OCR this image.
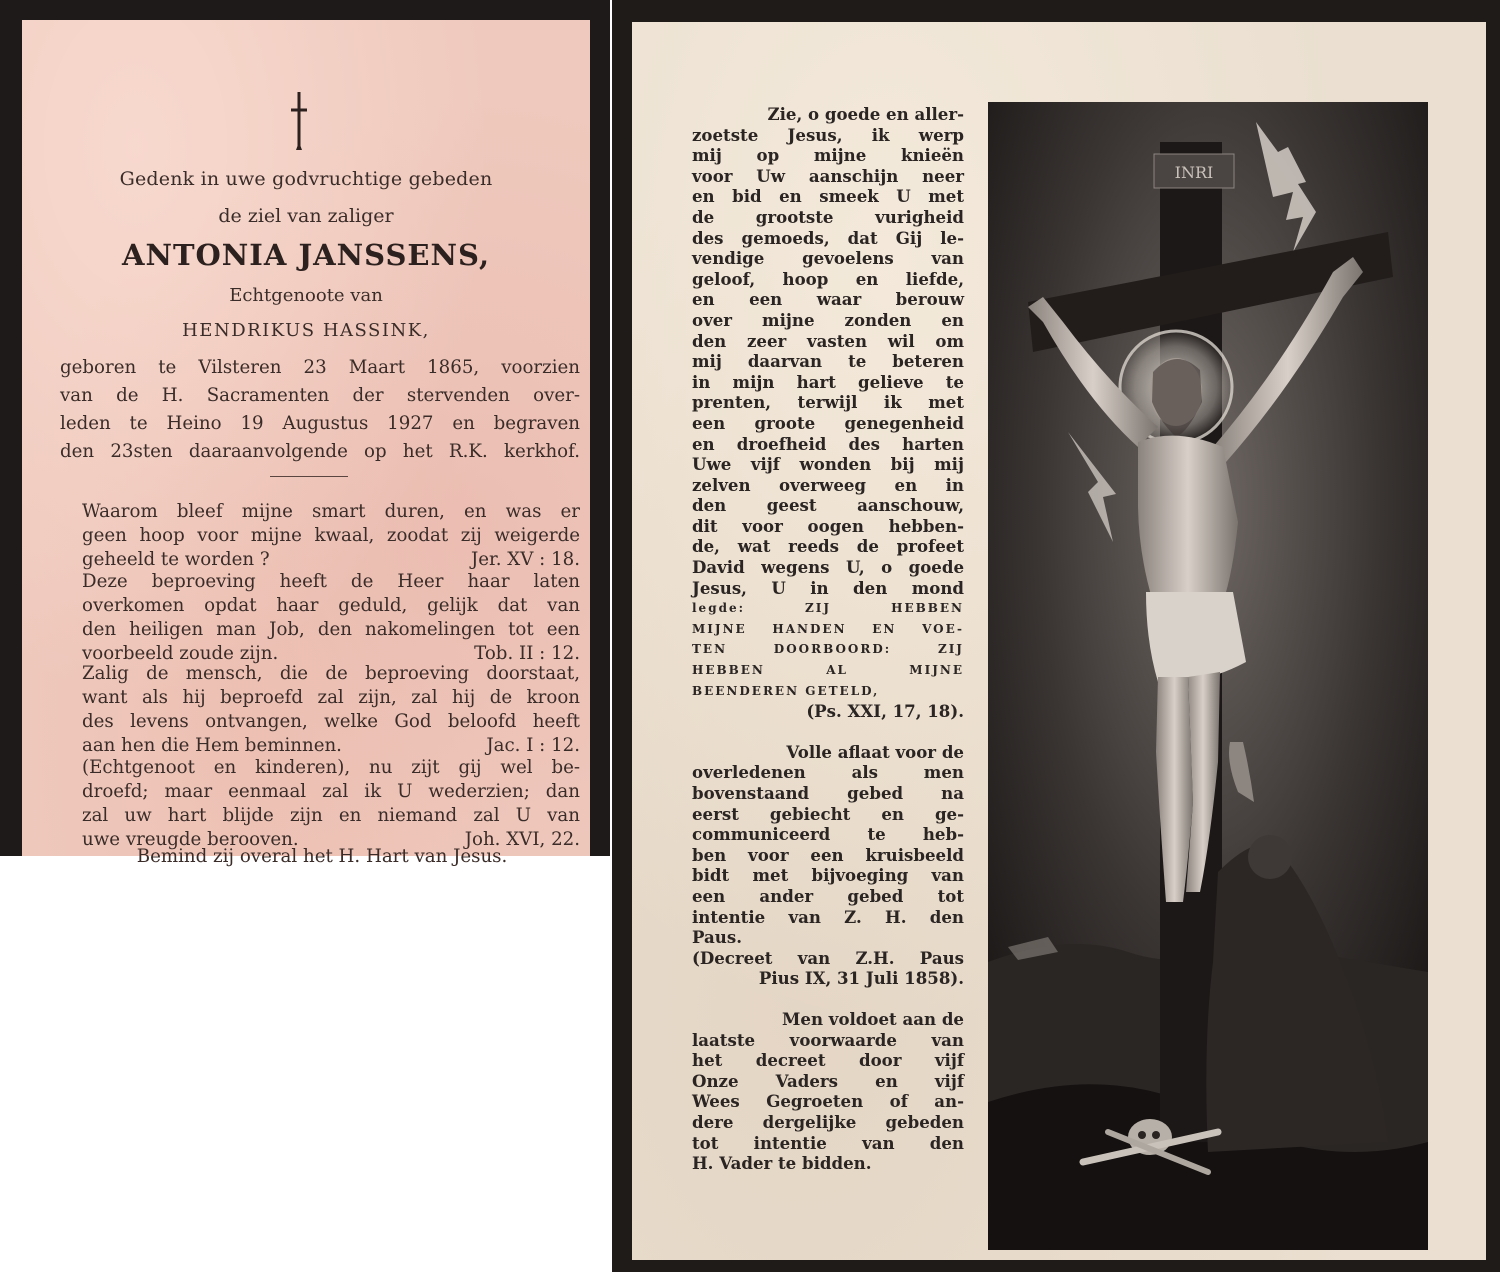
Gedenk in uwe godvruchtige gebeden
de ziel van zaliger
ANTONIA JANSSENS,
Echtgenoote van
HENDRIKUS HASSINK,
geboren te Vilsteren 23 Maart 1865, voorzien
van de H. Sacramenten der stervenden over-
leden te Heino 19 Augustus 1927 en begraven
den 23sten daaraanvolgende op het R.K. kerkhof.
Waarom bleef mijne smart duren, en was er
geen hoop voor mijne kwaal, zoodat zij weigerde
geheeld te worden ?	Jer. XV : 18.
Deze beproeving heeft de Heer haar laten
overkomen opdat haar geduld, gelijk dat van
den heiligen man Job, den nakomelingen tot een
voorbeeld zoude zijn.	Tob. II : 12.
Zalig de mensch, die de beproeving doorstaat,
want als hij beproefd zal zijn, zal hij de kroon
des levens ontvangen, welke God beloofd heeft
aan hen die Hem beminnen.	Jac. I : 12.
(Echtgenoot en kinderen), nu zijt gij wel be-
droefd; maar eenmaal zal ik U wederzien; dan
zal uw hart blijde zijn en niemand zal U van
uwe vreugde berooven.	Joh. XVI, 22.
Bemind zij overal het H. Hart van Jesus.
Zie, o goede en aller-
zoetste Jesus, ik werp
mij op mijne knieën
voor Uw aanschijn neer
en bid en smeek U met
de grootste vurigheid
des gemoeds, dat Gij le-
vendige gevoelens van
geloof, hoop en liefde,
en een waar berouw
over mijne zonden en
den zeer vasten wil om
mij daarvan te beteren
in mijn hart gelieve te
prenten, terwijl ik met
een groote genegenheid
en droefheid des harten
Uwe vijf wonden bij mij
zelven overweeg en in
den geest aanschouw,
dit voor oogen hebben-
de, wat reeds de profeet
David wegens U, o goede
Jesus, U in den mond
legde: ZIJ HEBBEN
MIJNE HANDEN EN VOE-
TEN DOORBOORD: ZIJ
HEBBEN AL MIJNE
BEENDEREN GETELD,
(Ps. XXI, 17, 18).
Volle aflaat voor de
overledenen als men
bovenstaand gebed na
eerst gebiecht en ge-
communiceerd te heb-
ben voor een kruisbeeld
bidt met bijvoeging van
een ander gebed tot
intentie van Z. H. den
Paus.
(Decreet van Z.H. Paus
Pius IX, 31 Juli 1858).
Men voldoet aan de
laatste voorwaarde van
het decreet door vijf
Onze Vaders en vijf
Wees Gegroeten of an-
dere dergelijke gebeden
tot intentie van den
H. Vader te bidden.
INRI
